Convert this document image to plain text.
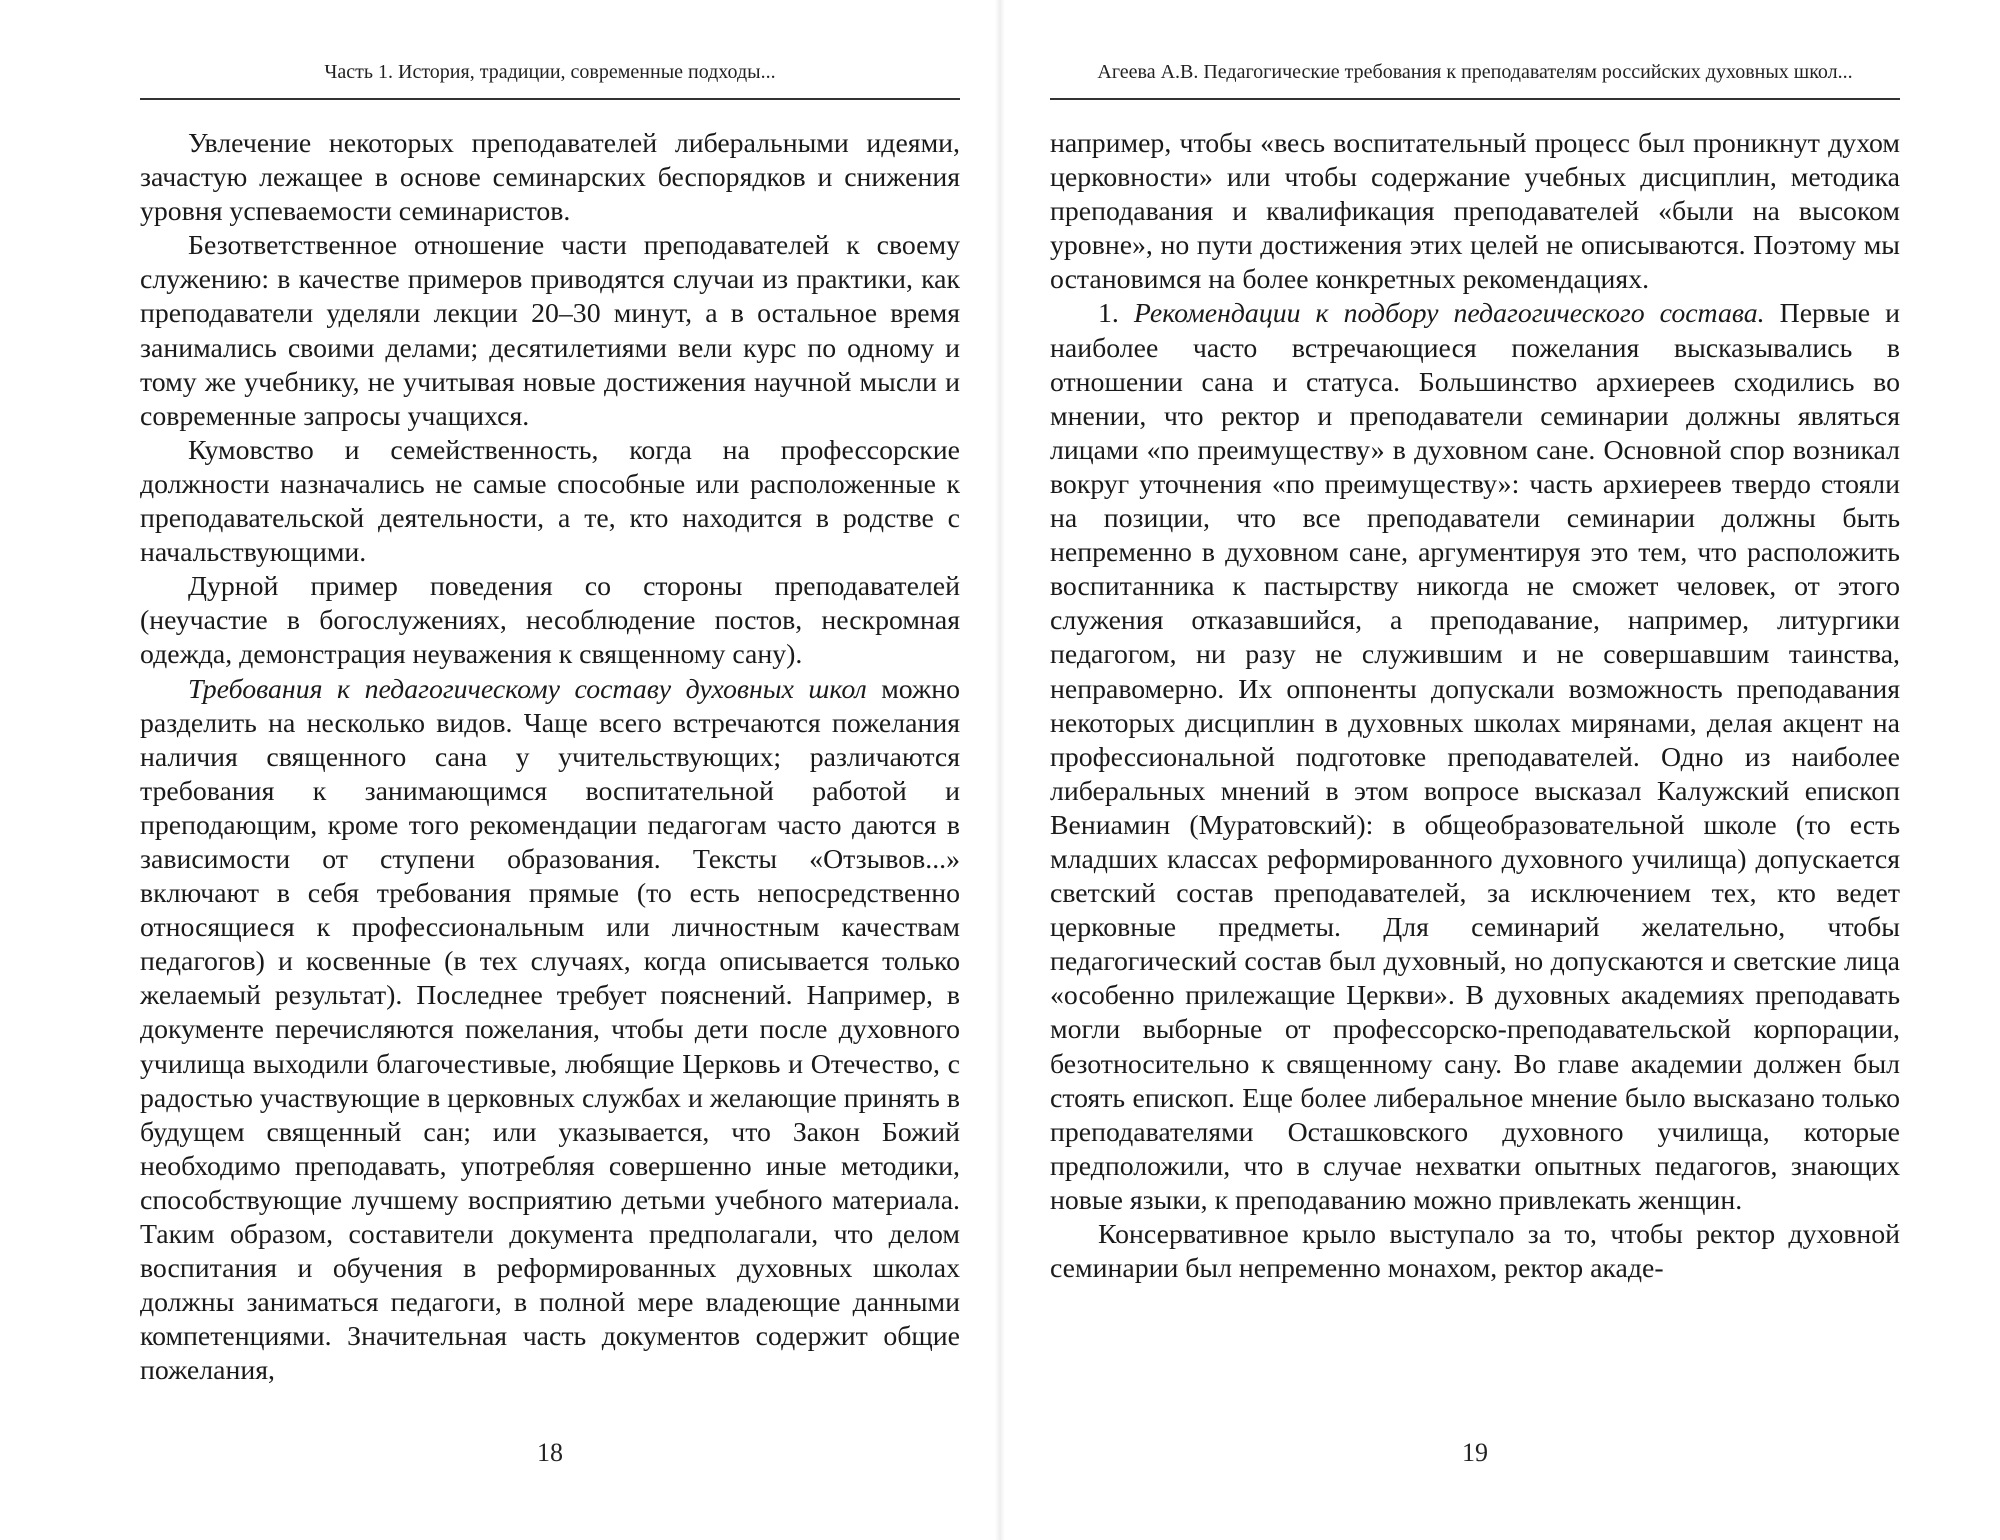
Часть 1. История, традиции, современные подходы...

Увлечение некоторых преподавателей либеральными идеями, зачастую лежащее в основе семинарских беспорядков и снижения уровня успеваемости семинаристов.

Безответственное отношение части преподавателей к своему служению: в качестве примеров приводятся случаи из практики, как преподаватели уделяли лекции 20–30 минут, а в остальное время занимались своими делами; десятилетиями вели курс по одному и тому же учебнику, не учитывая новые достижения научной мысли и современные запросы учащихся.

Кумовство и семейственность, когда на профессорские должности назначались не самые способные или расположенные к преподавательской деятельности, а те, кто находится в родстве с начальствующими.

Дурной пример поведения со стороны преподавателей (неучастие в богослужениях, несоблюдение постов, нескромная одежда, демонстрация неуважения к священному сану).

Требования к педагогическому составу духовных школ можно разделить на несколько видов. Чаще всего встречаются пожелания наличия священного сана у учительствующих; различаются требования к занимающимся воспитательной работой и преподающим, кроме того рекомендации педагогам часто даются в зависимости от ступени образования. Тексты «Отзывов...» включают в себя требования прямые (то есть непосредственно относящиеся к профессиональным или личностным качествам педагогов) и косвенные (в тех случаях, когда описывается только желаемый результат). Последнее требует пояснений. Например, в документе перечисляются пожелания, чтобы дети после духовного училища выходили благочестивые, любящие Церковь и Отечество, с радостью участвующие в церковных службах и желающие принять в будущем священный сан; или указывается, что Закон Божий необходимо преподавать, употребляя совершенно иные методики, способствующие лучшему восприятию детьми учебного материала. Таким образом, составители документа предполагали, что делом воспитания и обучения в реформированных духовных школах должны заниматься педагоги, в полной мере владеющие данными компетенциями. Значительная часть документов содержит общие пожелания,

18
Агеева А.В. Педагогические требования к преподавателям российских духовных школ...

например, чтобы «весь воспитательный процесс был проникнут духом церковности» или чтобы содержание учебных дисциплин, методика преподавания и квалификация преподавателей «были на высоком уровне», но пути достижения этих целей не описываются. Поэтому мы остановимся на более конкретных рекомендациях.

1. Рекомендации к подбору педагогического состава. Первые и наиболее часто встречающиеся пожелания высказывались в отношении сана и статуса. Большинство архиереев сходились во мнении, что ректор и преподаватели семинарии должны являться лицами «по преимуществу» в духовном сане. Основной спор возникал вокруг уточнения «по преимуществу»: часть архиереев твердо стояли на позиции, что все преподаватели семинарии должны быть непременно в духовном сане, аргументируя это тем, что расположить воспитанника к пастырству никогда не сможет человек, от этого служения отказавшийся, а преподавание, например, литургики педагогом, ни разу не служившим и не совершавшим таинства, неправомерно. Их оппоненты допускали возможность преподавания некоторых дисциплин в духовных школах мирянами, делая акцент на профессиональной подготовке преподавателей. Одно из наиболее либеральных мнений в этом вопросе высказал Калужский епископ Вениамин (Муратовский): в общеобразовательной школе (то есть младших классах реформированного духовного училища) допускается светский состав преподавателей, за исключением тех, кто ведет церковные предметы. Для семинарий желательно, чтобы педагогический состав был духовный, но допускаются и светские лица «особенно прилежащие Церкви». В духовных академиях преподавать могли выборные от профессорско-преподавательской корпорации, безотносительно к священному сану. Во главе академии должен был стоять епископ. Еще более либеральное мнение было высказано только преподавателями Осташковского духовного училища, которые предположили, что в случае нехватки опытных педагогов, знающих новые языки, к преподаванию можно привлекать женщин.

Консервативное крыло выступало за то, чтобы ректор духовной семинарии был непременно монахом, ректор акаде-

19
